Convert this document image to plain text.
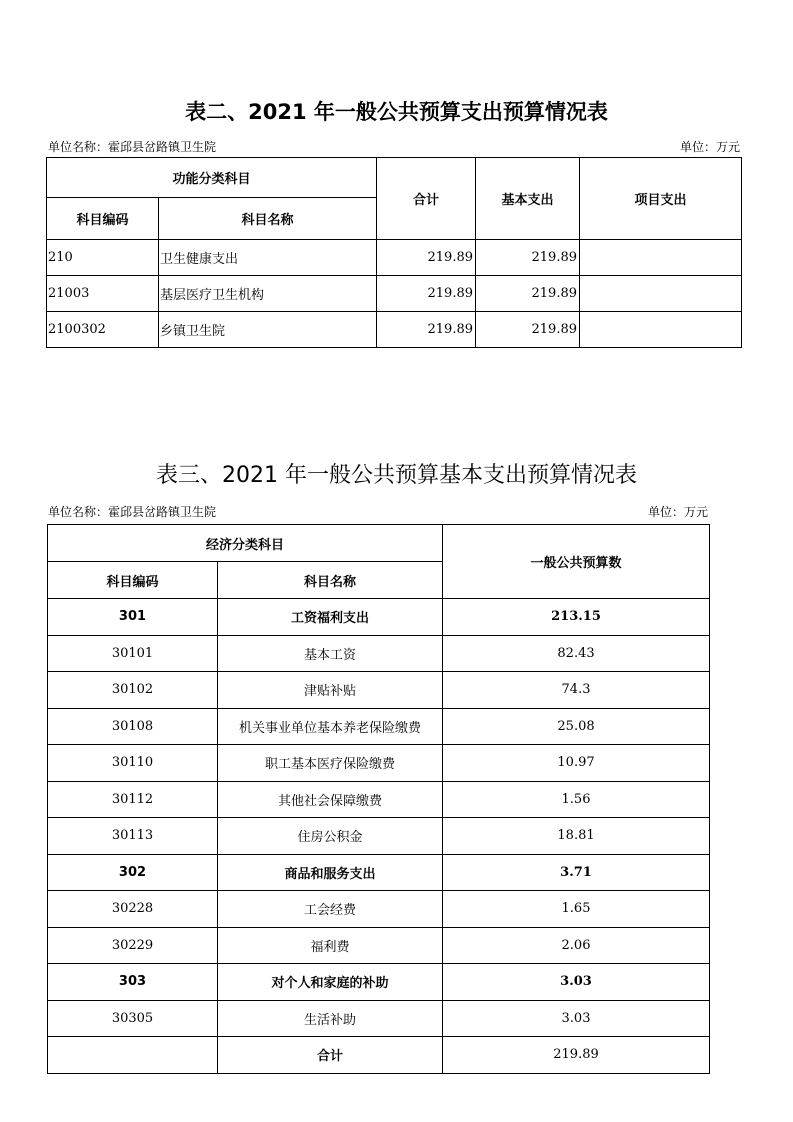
表二、2021 年一般公共预算支出预算情况表
单位名称：霍邱县岔路镇卫生院	单位：万元
功能分类科目		合计	基本支出	项目支出
科目编码	科目名称			
210	卫生健康支出	219.89	219.89	
21003	基层医疗卫生机构	219.89	219.89	
2100302	乡镇卫生院	219.89	219.89	
表三、2021 年一般公共预算基本支出预算情况表
单位名称：霍邱县岔路镇卫生院	单位：万元
经济分类科目		一般公共预算数
科目编码	科目名称	
301	工资福利支出	213.15
30101	基本工资	82.43
30102	津贴补贴	74.3
30108	机关事业单位基本养老保险缴费	25.08
30110	职工基本医疗保险缴费	10.97
30112	其他社会保障缴费	1.56
30113	住房公积金	18.81
302	商品和服务支出	3.71
30228	工会经费	1.65
30229	福利费	2.06
303	对个人和家庭的补助	3.03
30305	生活补助	3.03
	合计	219.89
